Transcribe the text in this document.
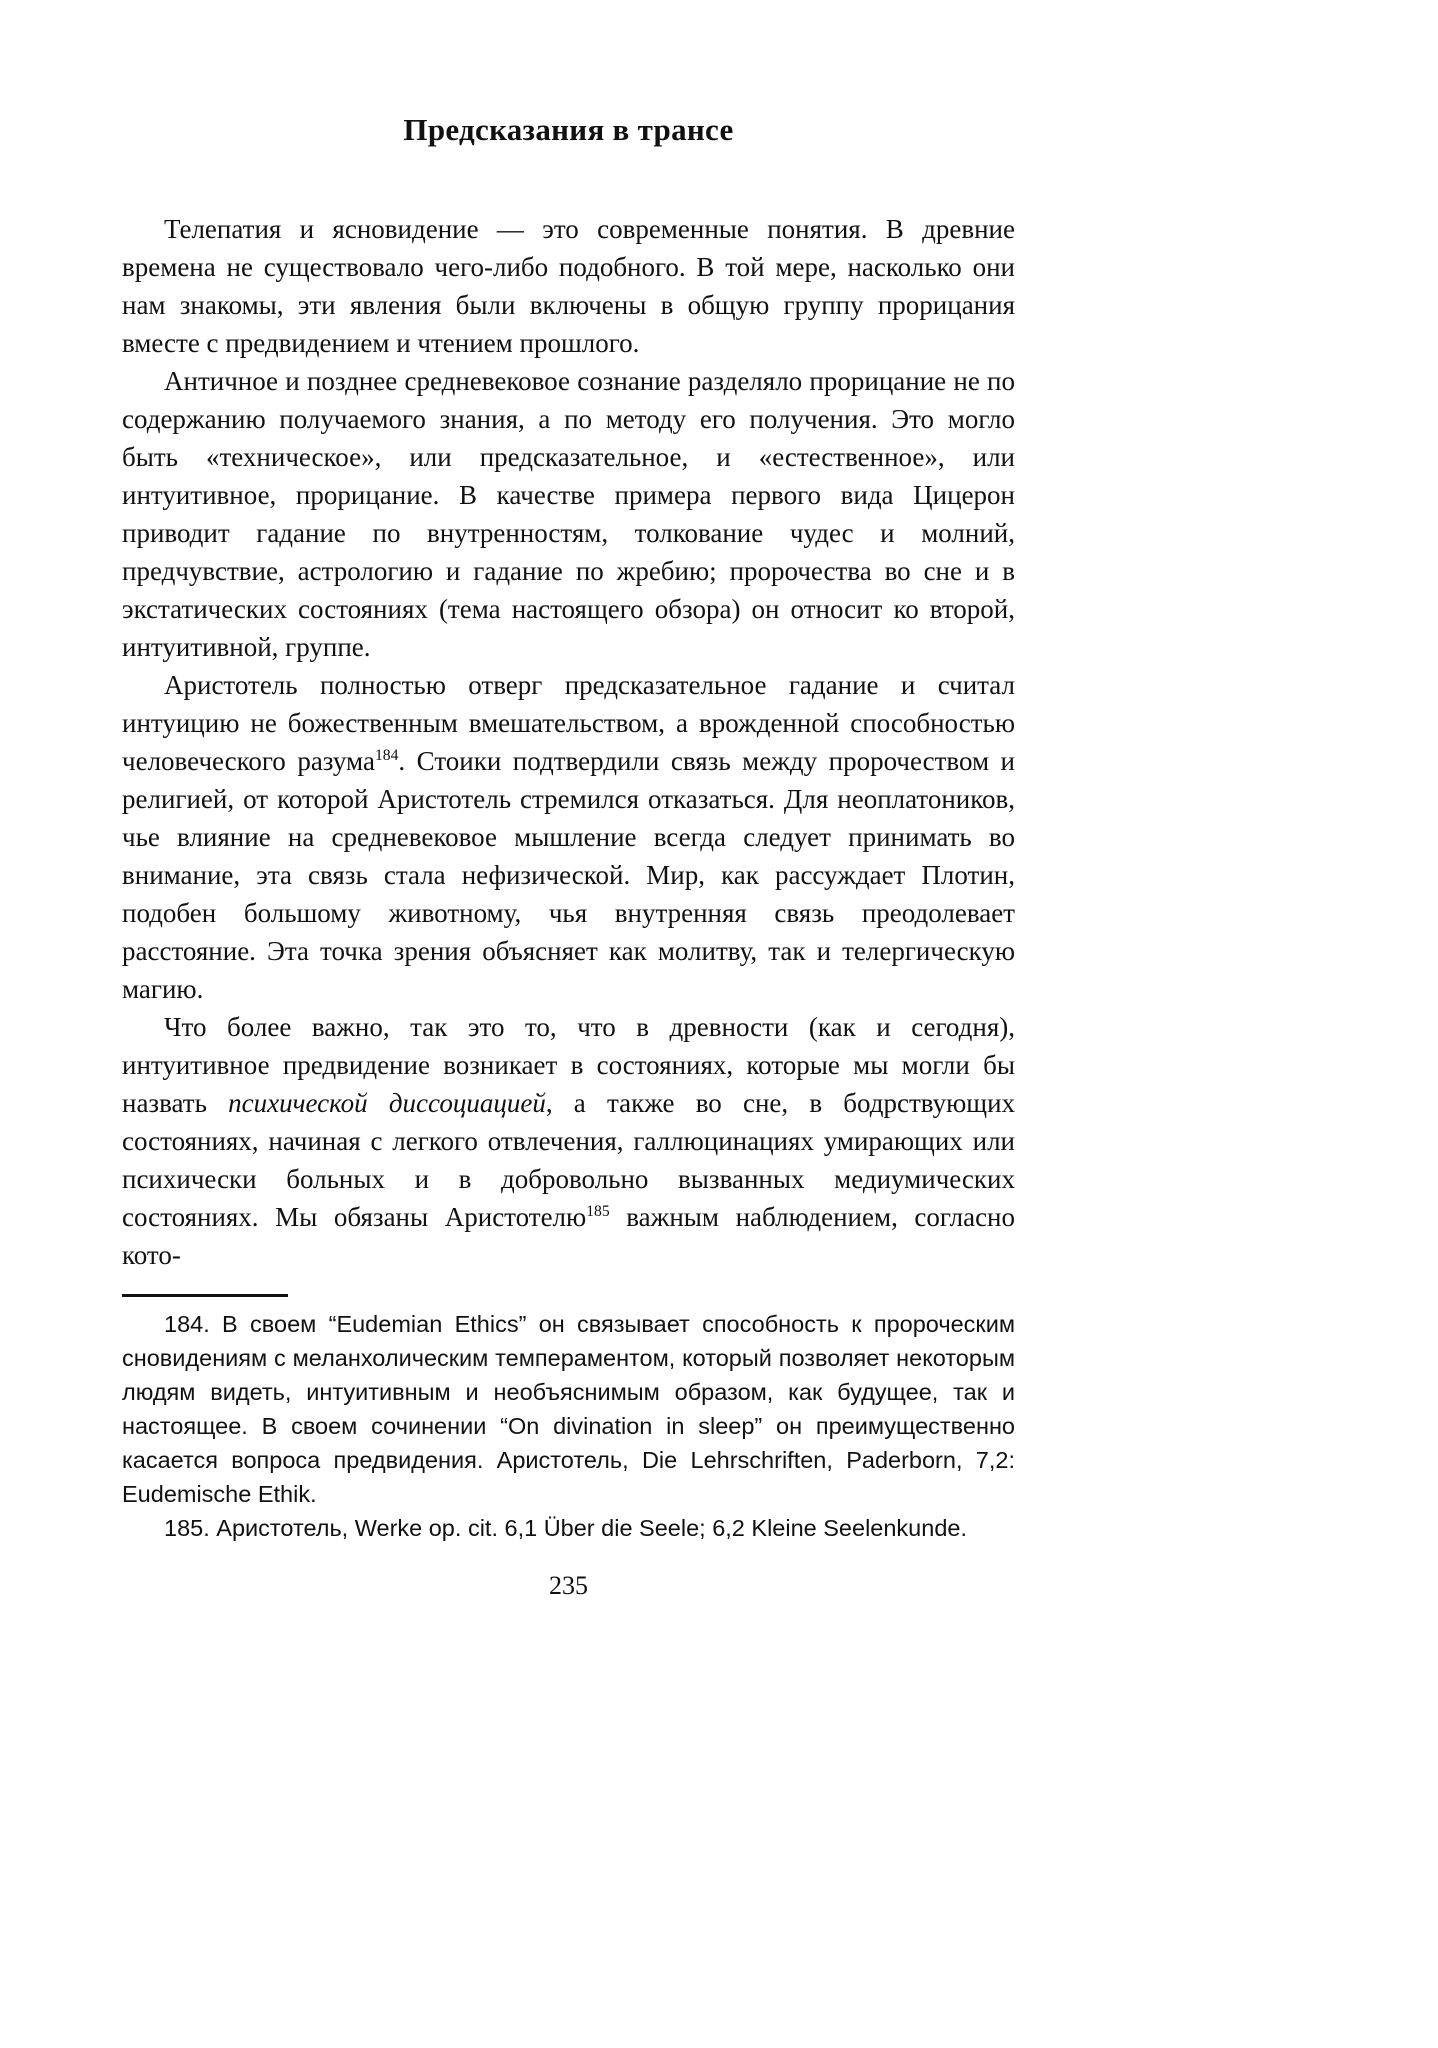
Предсказания в трансе

Телепатия и ясновидение — это современные понятия. В древние времена не существовало чего-либо подобного. В той мере, насколько они нам знакомы, эти явления были включены в общую группу прорицания вместе с предвидением и чтением прошлого.

Античное и позднее средневековое сознание разделяло прорицание не по содержанию получаемого знания, а по методу его получения. Это могло быть «техническое», или предсказательное, и «естественное», или интуитивное, прорицание. В качестве примера первого вида Цицерон приводит гадание по внутренностям, толкование чудес и молний, предчувствие, астрологию и гадание по жребию; пророчества во сне и в экстатических состояниях (тема настоящего обзора) он относит ко второй, интуитивной, группе.

Аристотель полностью отверг предсказательное гадание и считал интуицию не божественным вмешательством, а врожденной способностью человеческого разума$^{184}$. Стоики подтвердили связь между пророчеством и религией, от которой Аристотель стремился отказаться. Для неоплатоников, чье влияние на средневековое мышление всегда следует принимать во внимание, эта связь стала нефизической. Мир, как рассуждает Плотин, подобен большому животному, чья внутренняя связь преодолевает расстояние. Эта точка зрения объясняет как молитву, так и телергическую магию.

Что более важно, так это то, что в древности (как и сегодня), интуитивное предвидение возникает в состояниях, которые мы могли бы назвать психической диссоциацией, а также во сне, в бодрствующих состояниях, начиная с легкого отвлечения, галлюцинациях умирающих или психически больных и в добровольно вызванных медиумических состояниях. Мы обязаны Аристотелю$^{185}$ важным наблюдением, согласно кото-

184. В своем “Eudemian Ethics” он связывает способность к пророческим сновидениям с меланхолическим темпераментом, который позволяет некоторым людям видеть, интуитивным и необъяснимым образом, как будущее, так и настоящее. В своем сочинении “On divination in sleep” он преимущественно касается вопроса предвидения. Аристотель, Die Lehrschriften, Paderborn, 7,2: Eudemische Ethik.

185. Аристотель, Werke op. cit. 6,1 Über die Seele; 6,2 Kleine Seelenkunde.

235
